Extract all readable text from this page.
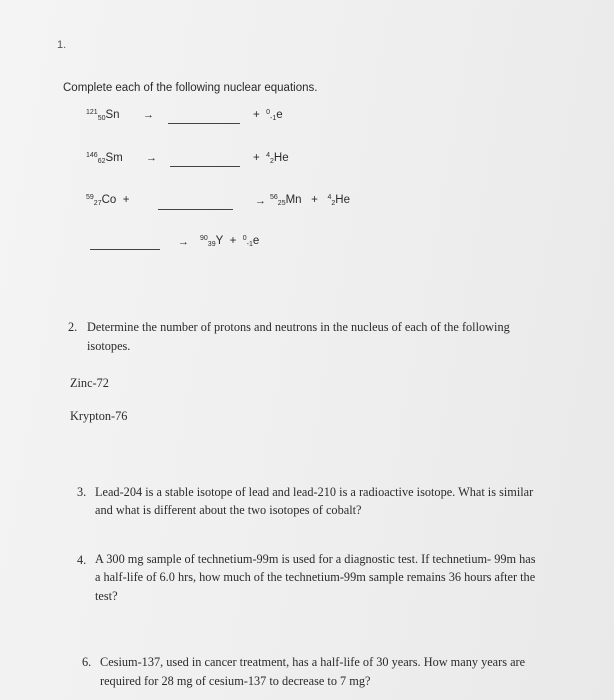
1.
Complete each of the following nuclear equations.
$^{121}_{50}$Sn →	+ $^0_{-1}$e
$^{146}_{62}$Sm →	+ $^4_2$He
$^{59}_{27}$Co +	→ $^{56}_{25}$Mn + $^4_2$He
→ $^{90}_{39}$Y + $^0_{-1}$e
2. Determine the number of protons and neutrons in the nucleus of each of the following
isotopes.
Zinc-72
Krypton-76
3. Lead-204 is a stable isotope of lead and lead-210 is a radioactive isotope. What is similar
and what is different about the two isotopes of cobalt?
4. A 300 mg sample of technetium-99m is used for a diagnostic test. If technetium- 99m has
a half-life of 6.0 hrs, how much of the technetium-99m sample remains 36 hours after the
test?
6. Cesium-137, used in cancer treatment, has a half-life of 30 years. How many years are
required for 28 mg of cesium-137 to decrease to 7 mg?
